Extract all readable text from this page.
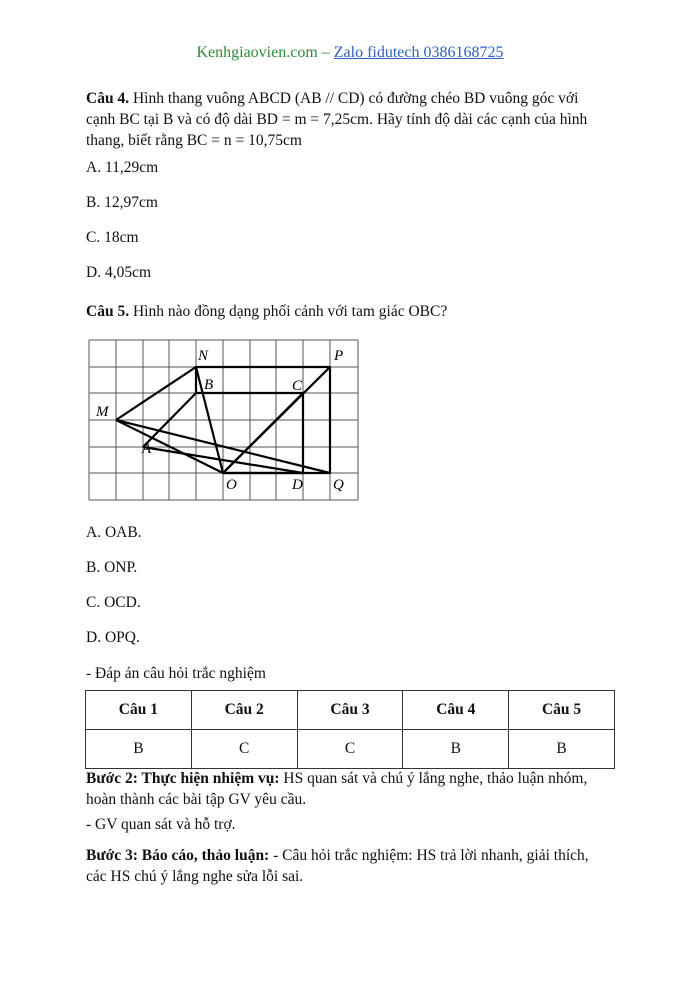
Kenhgiaovien.com – Zalo fidutech 0386168725
Câu 4. Hình thang vuông ABCD (AB // CD) có đường chéo BD vuông góc với
cạnh BC tại B và có độ dài BD = m = 7,25cm. Hãy tính độ dài các cạnh của hình
thang, biết rằng BC = n = 10,75cm
A. 11,29cm
B. 12,97cm
C. 18cm
D. 4,05cm
Câu 5. Hình nào đồng dạng phối cảnh với tam giác OBC?
N	P
B	C
M
A
O	D Q
A. OAB.
B. ONP.
C. OCD.
D. OPQ.
- Đáp án câu hỏi trắc nghiệm
Câu 1	Câu 2	Câu 3	Câu 4	Câu 5
B	C	C	B	B
Bước 2: Thực hiện nhiệm vụ: HS quan sát và chú ý lắng nghe, thảo luận nhóm,
hoàn thành các bài tập GV yêu cầu.
- GV quan sát và hỗ trợ.
Bước 3: Báo cáo, thảo luận: - Câu hỏi trắc nghiệm: HS trả lời nhanh, giải thích,
các HS chú ý lắng nghe sửa lỗi sai.
